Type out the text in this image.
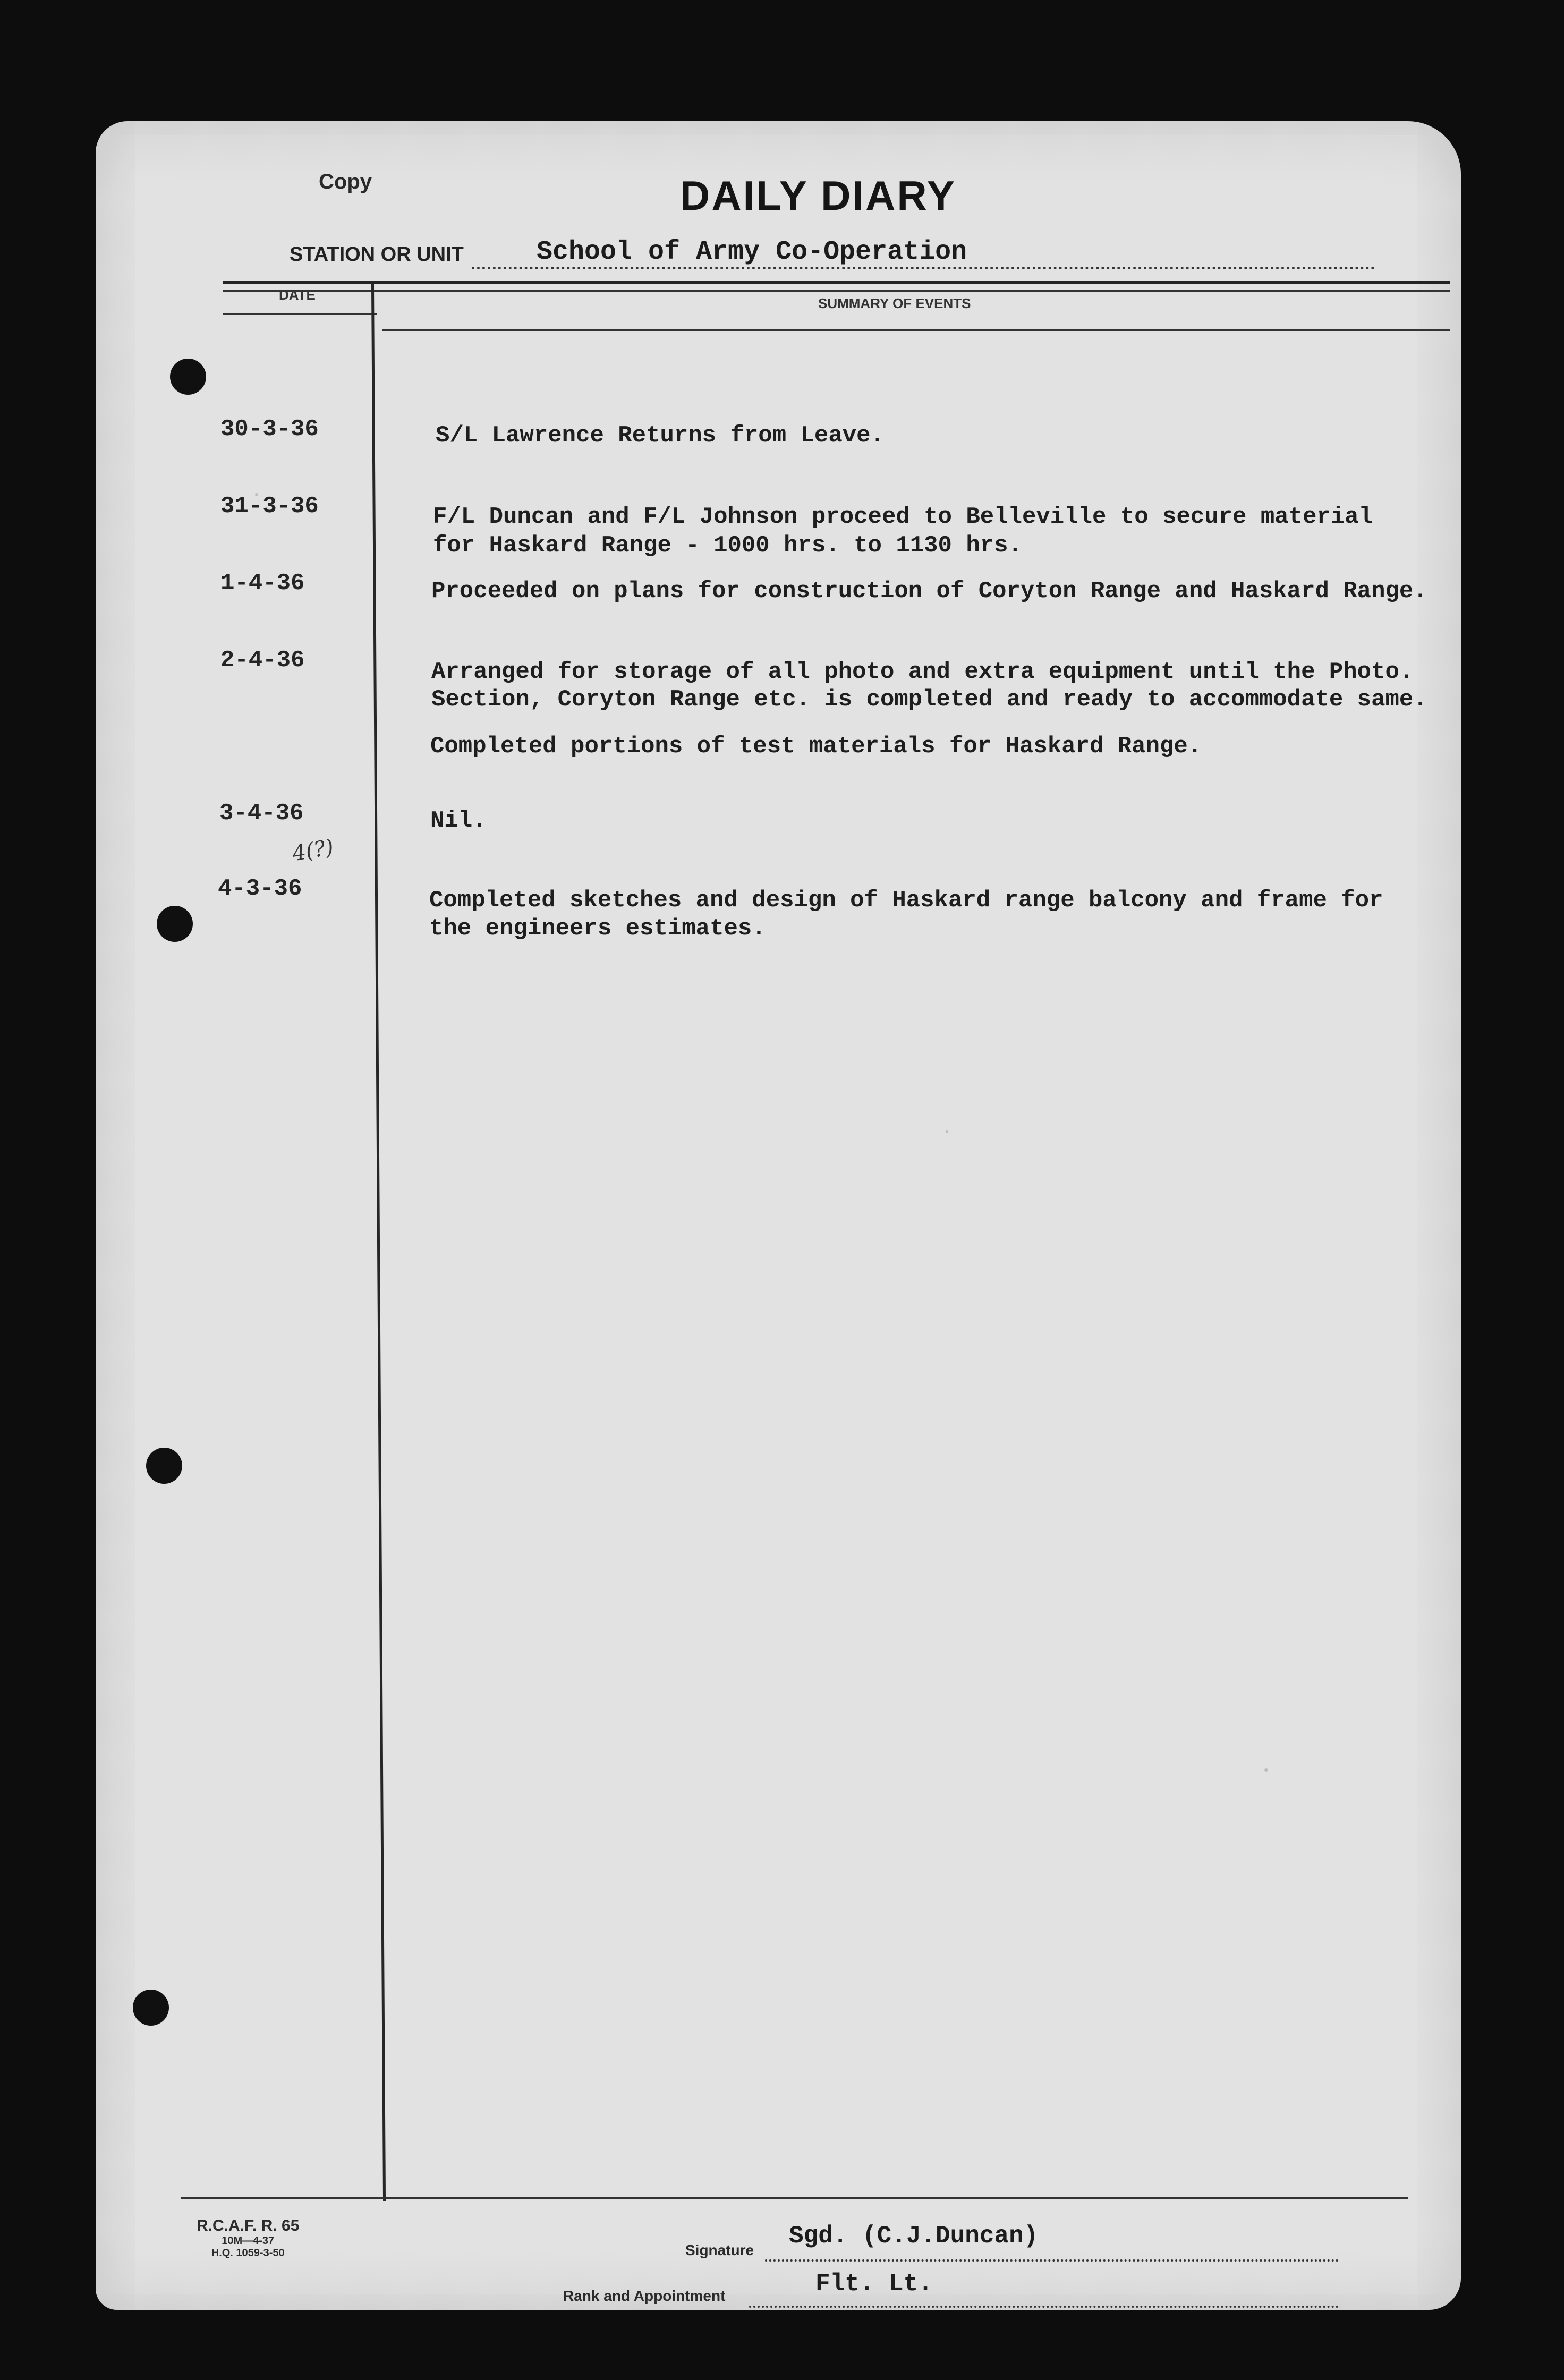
Copy	DAILY DIARY
STATION OR UNIT	School of Army Co-Operation
DATE
SUMMARY OF EVENTS
30-3-36	S/L Lawrence Returns from Leave.
31-3-36	F/L Duncan and F/L Johnson proceed to Belleville to secure material
for Haskard Range - 1000 hrs. to 1130 hrs.
1-4-36	Proceeded on plans for construction of Coryton Range and Haskard Range.
2-4-36	Arranged for storage of all photo and extra equipment until the Photo.
Section, Coryton Range etc. is completed and ready to accommodate same.
Completed portions of test materials for Haskard Range.
3-4-36	Nil.
4(?)
4-3-36	Completed sketches and design of Haskard range balcony and frame for
the engineers estimates.
R.C.A.F. R. 65
10M—4-37
H.Q. 1059-3-50	Signature
Sgd. (C.J.Duncan)
Rank and Appointment	Flt. Lt.
